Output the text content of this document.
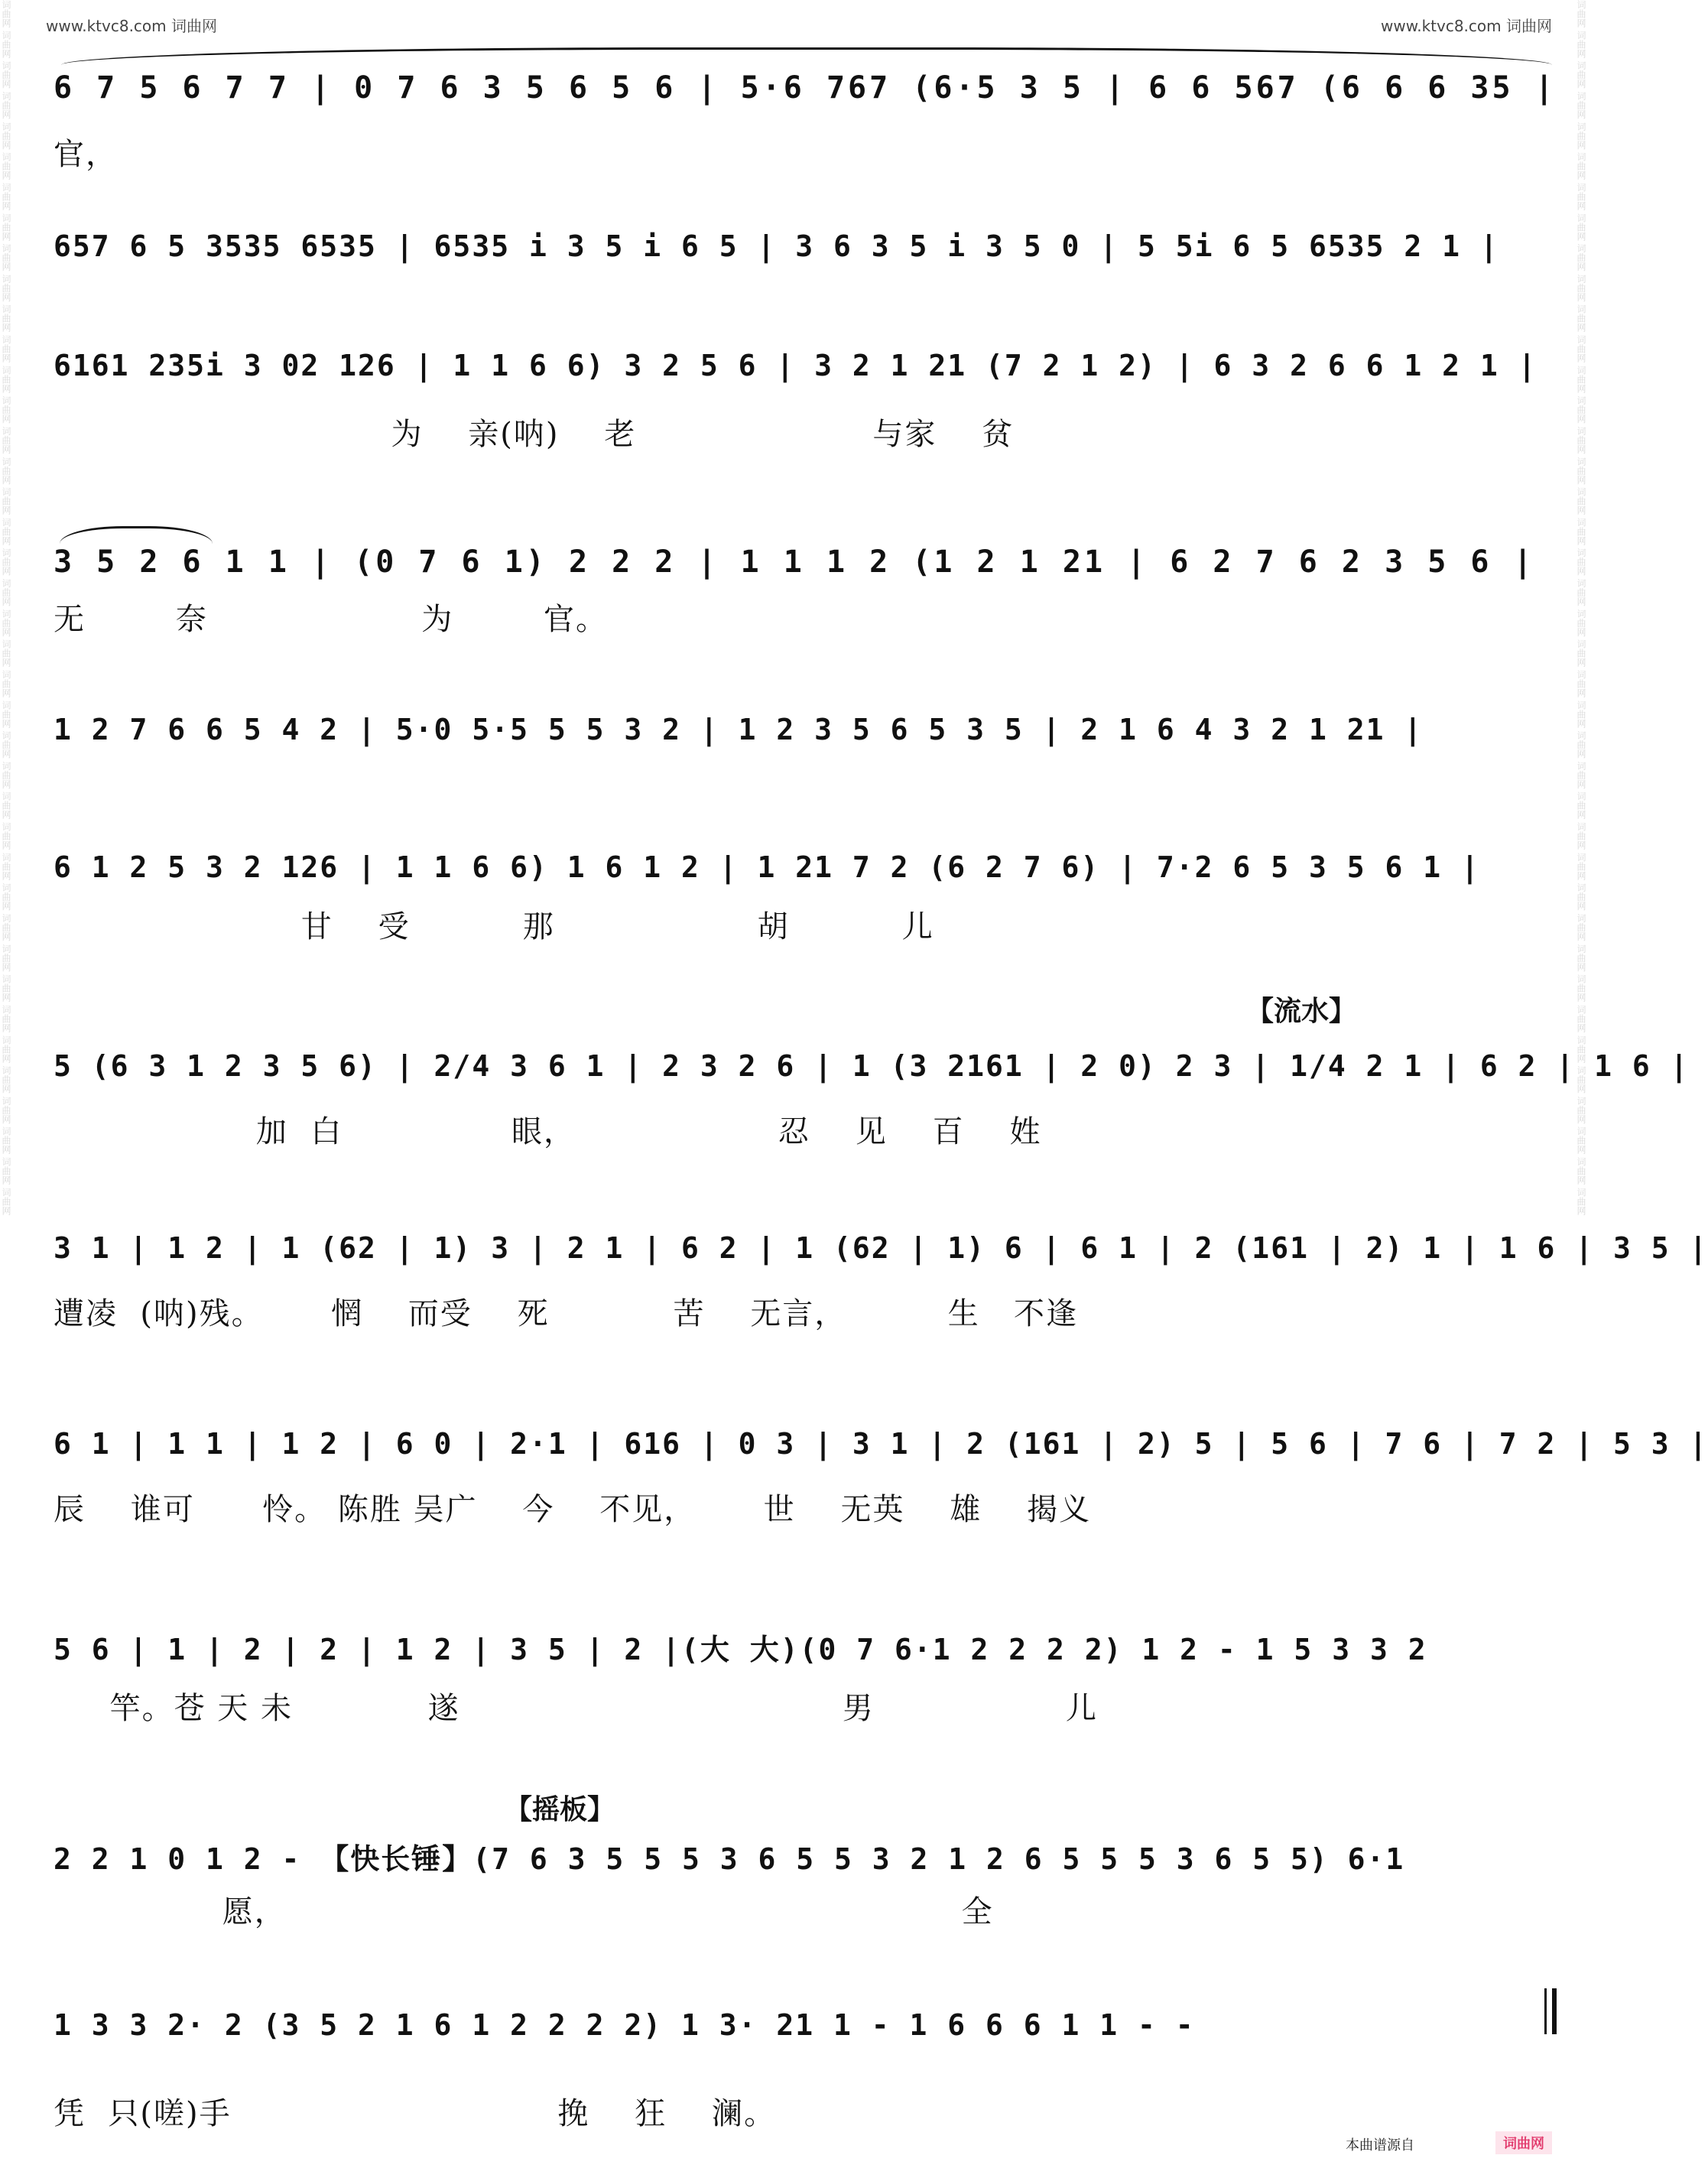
www.ktvc8.com 词曲网	www.ktvc8.com 词曲网
词曲网 词曲网 词曲网 词曲网 词曲网 词曲网 词曲网 词曲网 词曲网 词曲网 词曲网 词曲网 词曲网 词曲网 词曲网 词曲网 词曲网 词曲网 词曲网 词曲网 词曲网 词曲网 词曲网 词曲网 词曲网 词曲网 词曲网 词曲网 词曲网 词曲网 词曲网 词曲网 词曲网 词曲网 词曲网 词曲网 词曲网 词曲网 词曲网 词曲网	词曲网 词曲网 词曲网 词曲网 词曲网 词曲网 词曲网 词曲网 词曲网 词曲网 词曲网 词曲网 词曲网 词曲网 词曲网 词曲网 词曲网 词曲网 词曲网 词曲网 词曲网 词曲网 词曲网 词曲网 词曲网 词曲网 词曲网 词曲网 词曲网 词曲网 词曲网 词曲网 词曲网 词曲网 词曲网 词曲网 词曲网 词曲网 词曲网 词曲网
6 7 5 6 7 7 | 0 7 6 3 5 6 5 6 | 5·6 767 (6·5 3 5 | 6 6 567 (6 6 6 35 |
官，
657 6 5 3535 6535 | 6535 i 3 5 i 6 5 | 3 6 3 5 i 3 5 0 | 5 5i 6 5 6535 2 1 |
6161 235i 3 02 126 | 1 1 6 6) 3 2 5 6 | 3 2 1 21 (7 2 1 2) | 6 3 2 6 6 1 2 1 |
为    亲(呐)    老                     与家    贫
3 5 2 6 1 1 | (0 7 6 1) 2 2 2 | 1 1 1 2 (1 2 1 21 | 6 2 7 6 2 3 5 6 |
无        奈                   为        官。
1 2 7 6 6 5 4 2 | 5·0 5·5 5 5 3 2 | 1 2 3 5 6 5 3 5 | 2 1 6 4 3 2 1 21 |
6 1 2 5 3 2 126 | 1 1 6 6) 1 6 1 2 | 1 21 7 2 (6 2 7 6) | 7·2 6 5 3 5 6 1 |
甘    受          那                  胡          儿
【流水】
5 (6 3 1 2 3 5 6) | 2/4 3 6 1 | 2 3 2 6 | 1 (3 2161 | 2 0) 2 3 | 1/4 2 1 | 6 2 | 1 6 |
加  白               眼，                  忍    见    百    姓
3 1 | 1 2 | 1 (62 | 1) 3 | 2 1 | 6 2 | 1 (62 | 1) 6 | 6 1 | 2 (161 | 2) 1 | 1 6 | 3 5 |
遭凌  (呐)残。      惘    而受    死           苦    无言，         生   不逢
6 1 | 1 1 | 1 2 | 6 0 | 2·1 | 616 | 0 3 | 3 1 | 2 (161 | 2) 5 | 5 6 | 7 6 | 7 2 | 5 3 |
辰    谁可      怜。 陈胜 吴广    今    不见，      世    无英    雄    揭义
5 6 | 1 | 2 | 2 | 1 2 | 3 5 | 2 |(大 大)(0 7 6·1 2 2 2 2) 1 2 - 1 5 3 3 2
竿。苍 天 未            遂                                  男                 儿
【摇板】
2 2 1 0 1 2 - 【快长锤】(7 6 3 5 5 5 3 6 5 5 3 2 1 2 6 5 5 5 3 6 5 5) 6·1
愿，                                                            全
1 3 3 2· 2 (3 5 2 1 6 1 2 2 2 2) 1 3· 21 1 - 1 6 6 6 1 1 - -
凭  只(嗟)手                             挽    狂    澜。
本曲谱源自	词曲网
